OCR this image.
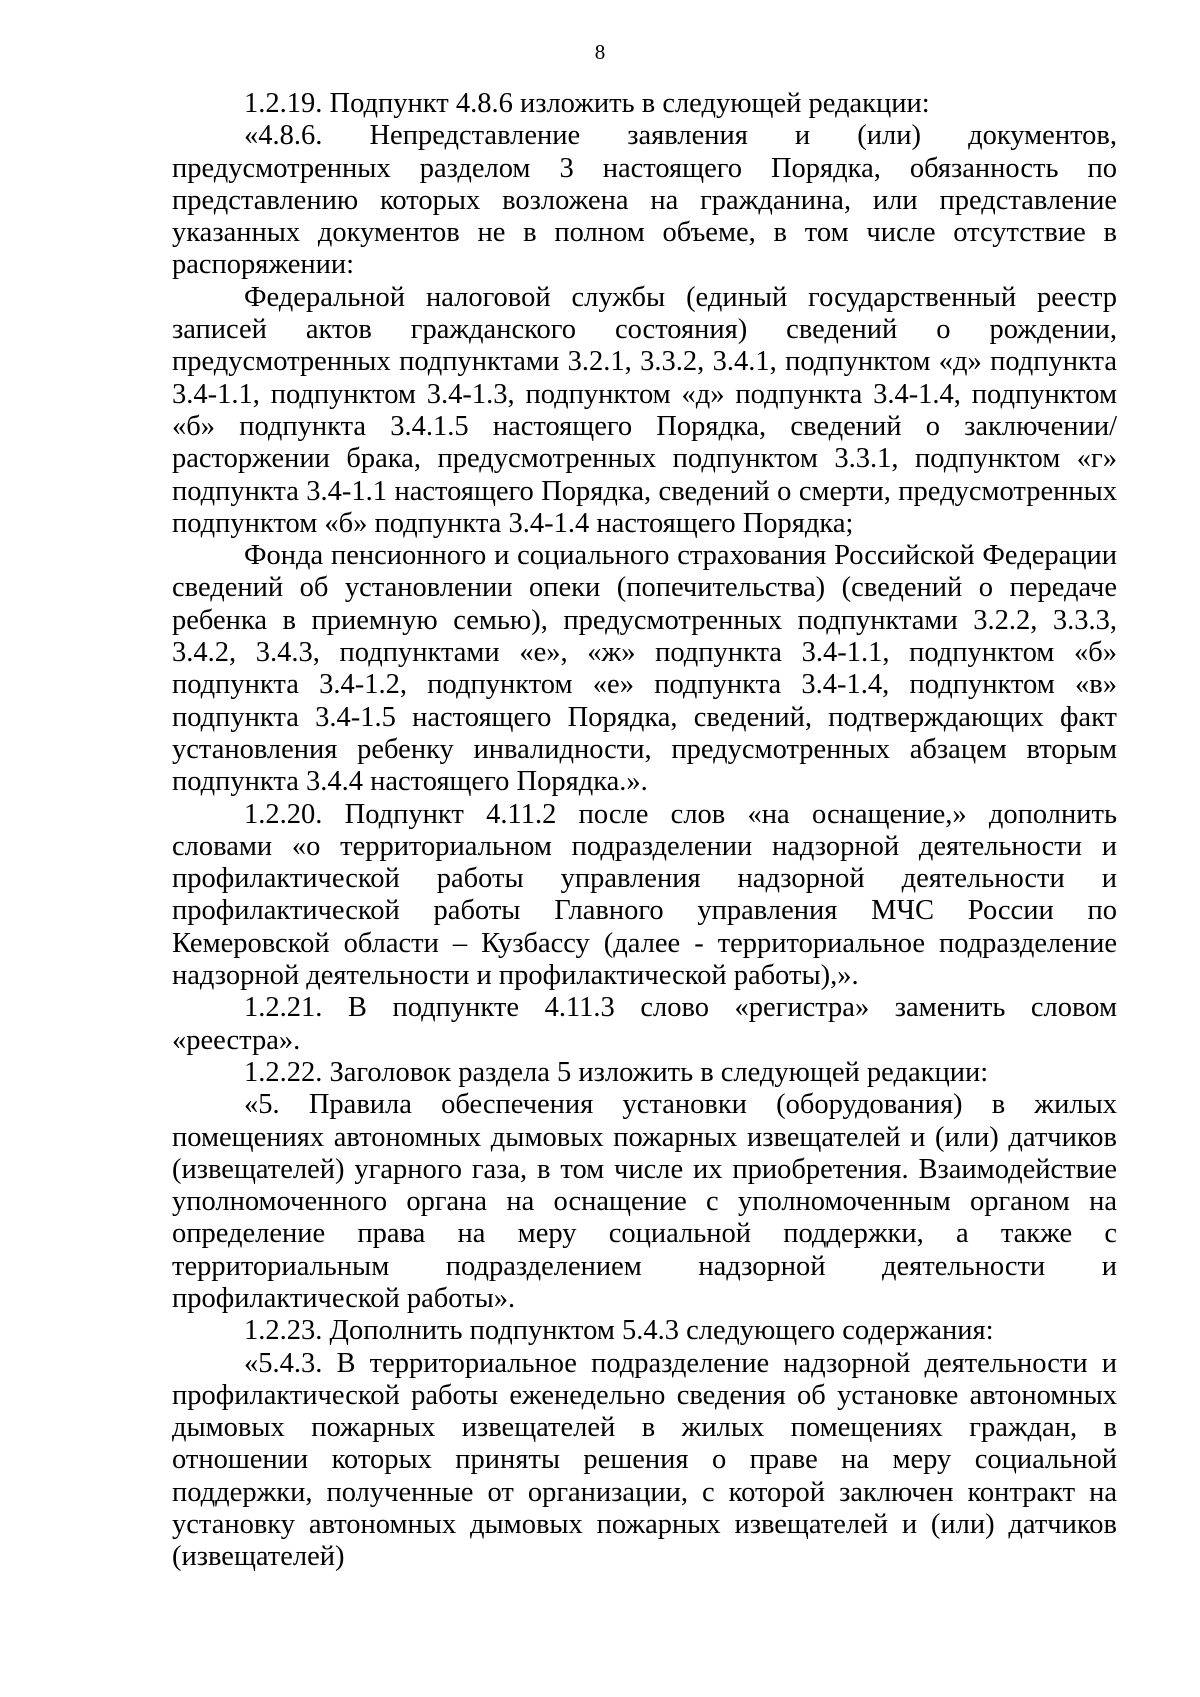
8

1.2.19. Подпункт 4.8.6 изложить в следующей редакции:

«4.8.6. Непредставление заявления и (или) документов, предусмотренных разделом 3 настоящего Порядка, обязанность по представлению которых возложена на гражданина, или представление указанных документов не в полном объеме, в том числе отсутствие в распоряжении:

Федеральной налоговой службы (единый государственный реестр записей актов гражданского состояния) сведений о рождении, предусмотренных подпунктами 3.2.1, 3.3.2, 3.4.1, подпунктом «д» подпункта 3.4-1.1, подпунктом 3.4-1.3, подпунктом «д» подпункта 3.4-1.4, подпунктом «б» подпункта 3.4.1.5 настоящего Порядка, сведений о заключении/расторжении брака, предусмотренных подпунктом 3.3.1, подпунктом «г» подпункта 3.4-1.1 настоящего Порядка, сведений о смерти, предусмотренных подпунктом «б» подпункта 3.4-1.4 настоящего Порядка;

Фонда пенсионного и социального страхования Российской Федерации сведений об установлении опеки (попечительства) (сведений о передаче ребенка в приемную семью), предусмотренных подпунктами 3.2.2, 3.3.3, 3.4.2, 3.4.3, подпунктами «е», «ж» подпункта 3.4-1.1, подпунктом «б» подпункта 3.4-1.2, подпунктом «е» подпункта 3.4-1.4, подпунктом «в» подпункта 3.4-1.5 настоящего Порядка, сведений, подтверждающих факт установления ребенку инвалидности, предусмотренных абзацем вторым подпункта 3.4.4 настоящего Порядка.».

1.2.20. Подпункт 4.11.2 после слов «на оснащение,» дополнить словами «о территориальном подразделении надзорной деятельности и профилактической работы управления надзорной деятельности и профилактической работы Главного управления МЧС России по Кемеровской области – Кузбассу (далее - территориальное подразделение надзорной деятельности и профилактической работы),».

1.2.21. В подпункте 4.11.3 слово «регистра» заменить словом «реестра».

1.2.22. Заголовок раздела 5 изложить в следующей редакции:

«5. Правила обеспечения установки (оборудования) в жилых помещениях автономных дымовых пожарных извещателей и (или) датчиков (извещателей) угарного газа, в том числе их приобретения. Взаимодействие уполномоченного органа на оснащение с уполномоченным органом на определение права на меру социальной поддержки, а также с территориальным подразделением надзорной деятельности и профилактической работы».

1.2.23. Дополнить подпунктом 5.4.3 следующего содержания:

«5.4.3. В территориальное подразделение надзорной деятельности и профилактической работы еженедельно сведения об установке автономных дымовых пожарных извещателей в жилых помещениях граждан, в отношении которых приняты решения о праве на меру социальной поддержки, полученные от организации, с которой заключен контракт на установку автономных дымовых пожарных извещателей и (или) датчиков (извещателей)
